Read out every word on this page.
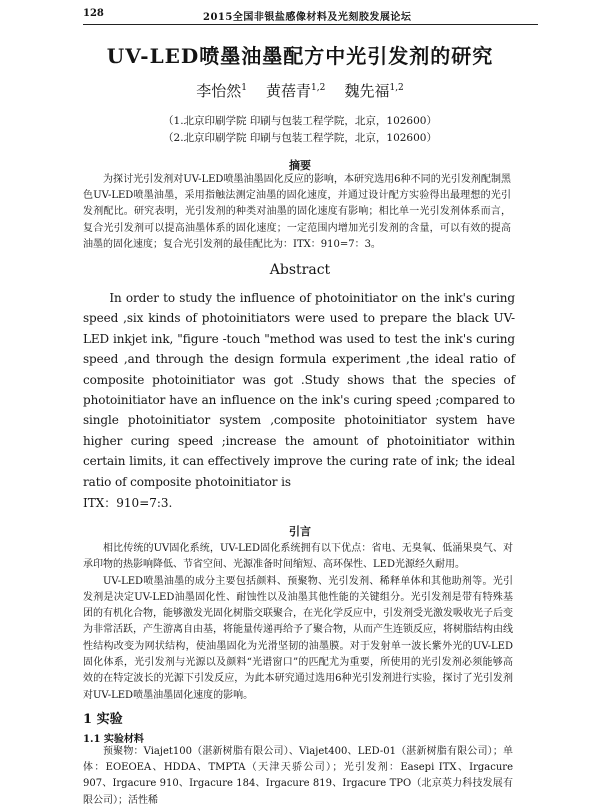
128	2015全国非银盐感像材料及光刻胶发展论坛
UV-LED喷墨油墨配方中光引发剂的研究
李怡然$^1$ 黄蓓青$^{1,2}$ 魏先福$^{1,2}$
（1.北京印刷学院 印刷与包装工程学院，北京，102600）
（2.北京印刷学院 印刷与包装工程学院，北京，102600）
摘要
为探讨光引发剂对UV-LED喷墨油墨固化反应的影响，本研究选用6种不同的光引发剂配制黑色UV-LED喷墨油墨，采用指触法测定油墨的固化速度，并通过设计配方实验得出最理想的光引发剂配比。研究表明，光引发剂的种类对油墨的固化速度有影响；相比单一光引发剂体系而言，复合光引发剂可以提高油墨体系的固化速度；一定范围内增加光引发剂的含量，可以有效的提高油墨的固化速度；复合光引发剂的最佳配比为：ITX：910=7：3。
Abstract
In order to study the influence of photoinitiator on the ink's curing speed ,six kinds of photoinitiators were used to prepare the black UV-LED inkjet ink, "figure -touch "method was used to test the ink's curing speed ,and through the design formula experiment ,the ideal ratio of composite photoinitiator was got .Study shows that the species of photoinitiator have an influence on the ink's curing speed ;compared to single photoinitiator system ,composite photoinitiator system have higher curing speed ;increase the amount of photoinitiator within certain limits, it can effectively improve the curing rate of ink; the ideal ratio of composite photoinitiator is
ITX：910=7:3.
引言

相比传统的UV固化系统，UV-LED固化系统拥有以下优点：省电、无臭氧、低涌果臭气、对承印物的热影响降低、节省空间、光源准备时间缩短、高环保性、LED光源经久耐用。

UV-LED喷墨油墨的成分主要包括颜料、预聚物、光引发剂、稀释单体和其他助剂等。光引发剂是决定UV-LED油墨固化性、耐蚀性以及油墨其他性能的关键组分。光引发剂是带有特殊基团的有机化合物，能够激发光固化树脂交联聚合，在光化学反应中，引发剂受光激发吸收光子后变为非常活跃，产生游离自由基，将能量传递再给予了聚合物，从而产生连锁反应，将树脂结构由线性结构改变为网状结构，使油墨固化为光滑坚韧的油墨膜。对于发射单一波长紫外光的UV-LED固化体系，光引发剂与光源以及颜料“光谱窗口”的匹配尤为重要，所使用的光引发剂必须能够高效的在特定波长的光源下引发反应，为此本研究通过选用6种光引发剂进行实验，探讨了光引发剂对UV-LED喷墨油墨固化速度的影响。

1 实验
1.1 实验材料
预聚物：Viajet100（湛新树脂有限公司）、Viajet400、LED-01（湛新树脂有限公司）；单体：EOEOEA、HDDA、TMPTA（天津天骄公司）；光引发剂：Easepi ITX、Irgacure 907、Irgacure 910、Irgacure 184、Irgacure 819、Irgacure TPO（北京英力科技发展有限公司）；活性稀
